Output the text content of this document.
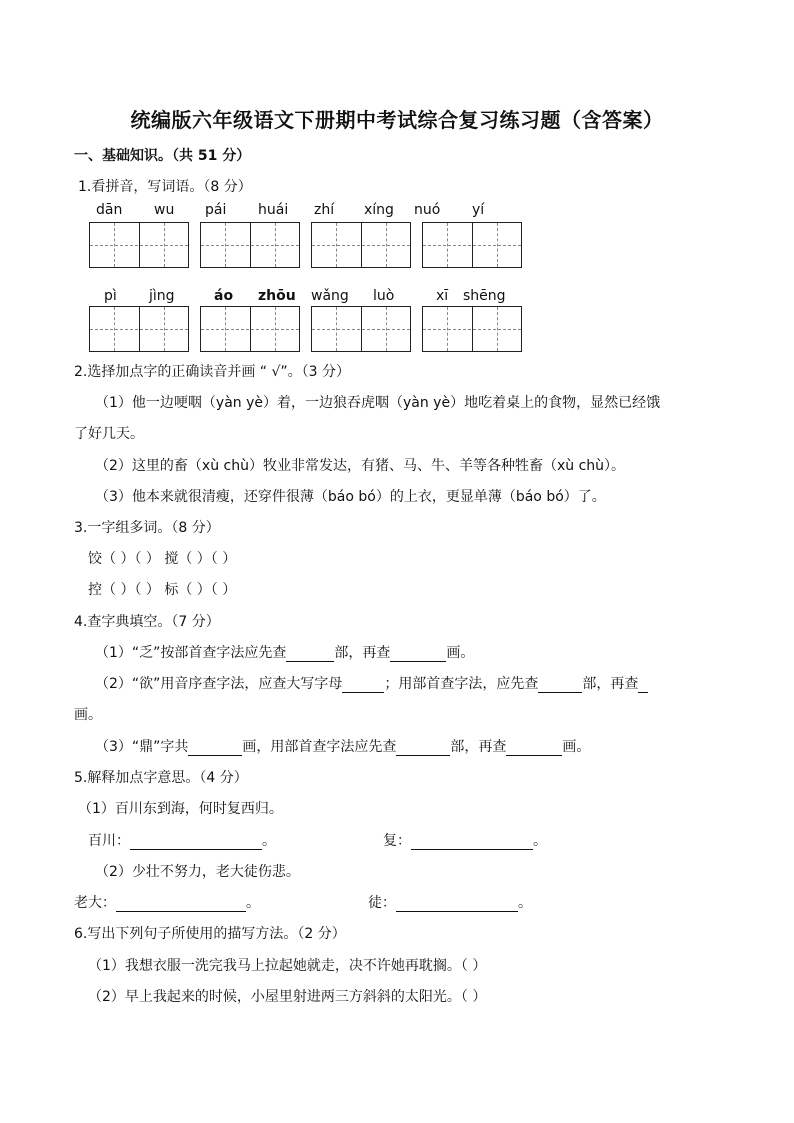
统编版六年级语文下册期中考试综合复习练习题（含答案）
一、基础知识。（共 51 分）
1.看拼音，写词语。（8 分）
dān wu pái huái zhí xíng nuó yí
pì jìng	áo zhōu wǎng luò	xī shēng
2.选择加点字的正确读音并画 “ √”。（3 分）
（1）他一边哽咽（yàn yè）着，一边狼吞虎咽（yàn yè）地吃着桌上的食物，显然已经饿
了好几天。
（2）这里的畜（xù chù）牧业非常发达，有猪、马、牛、羊等各种牲畜（xù chù）。
（3）他本来就很清瘦，还穿件很薄（báo bó）的上衣，更显单薄（báo bó）了。
3.一字组多词。（8 分）
饺（ ）（ ） 搅（ ）（ ）
控（ ）（ ） 标（ ）（ ）
4.查字典填空。（7 分）
（1）“乏”按部首查字法应先查	部，再查	画。
（2）“欲”用音序查字法，应查大写字母	；用部首查字法，应先查	部，再查
画。
（3）“鼎”字共	画，用部首查字法应先查	部，再查	画。
5.解释加点字意思。（4 分）
（1）百川东到海，何时复西归。
百川：	。	复：	。
（2）少壮不努力，老大徒伤悲。
老大：	。	徒：	。
6.写出下列句子所使用的描写方法。（2 分）
（1）我想衣服一洗完我马上拉起她就走，决不许她再耽搁。（ ）
（2）早上我起来的时候，小屋里射进两三方斜斜的太阳光。（ ）
